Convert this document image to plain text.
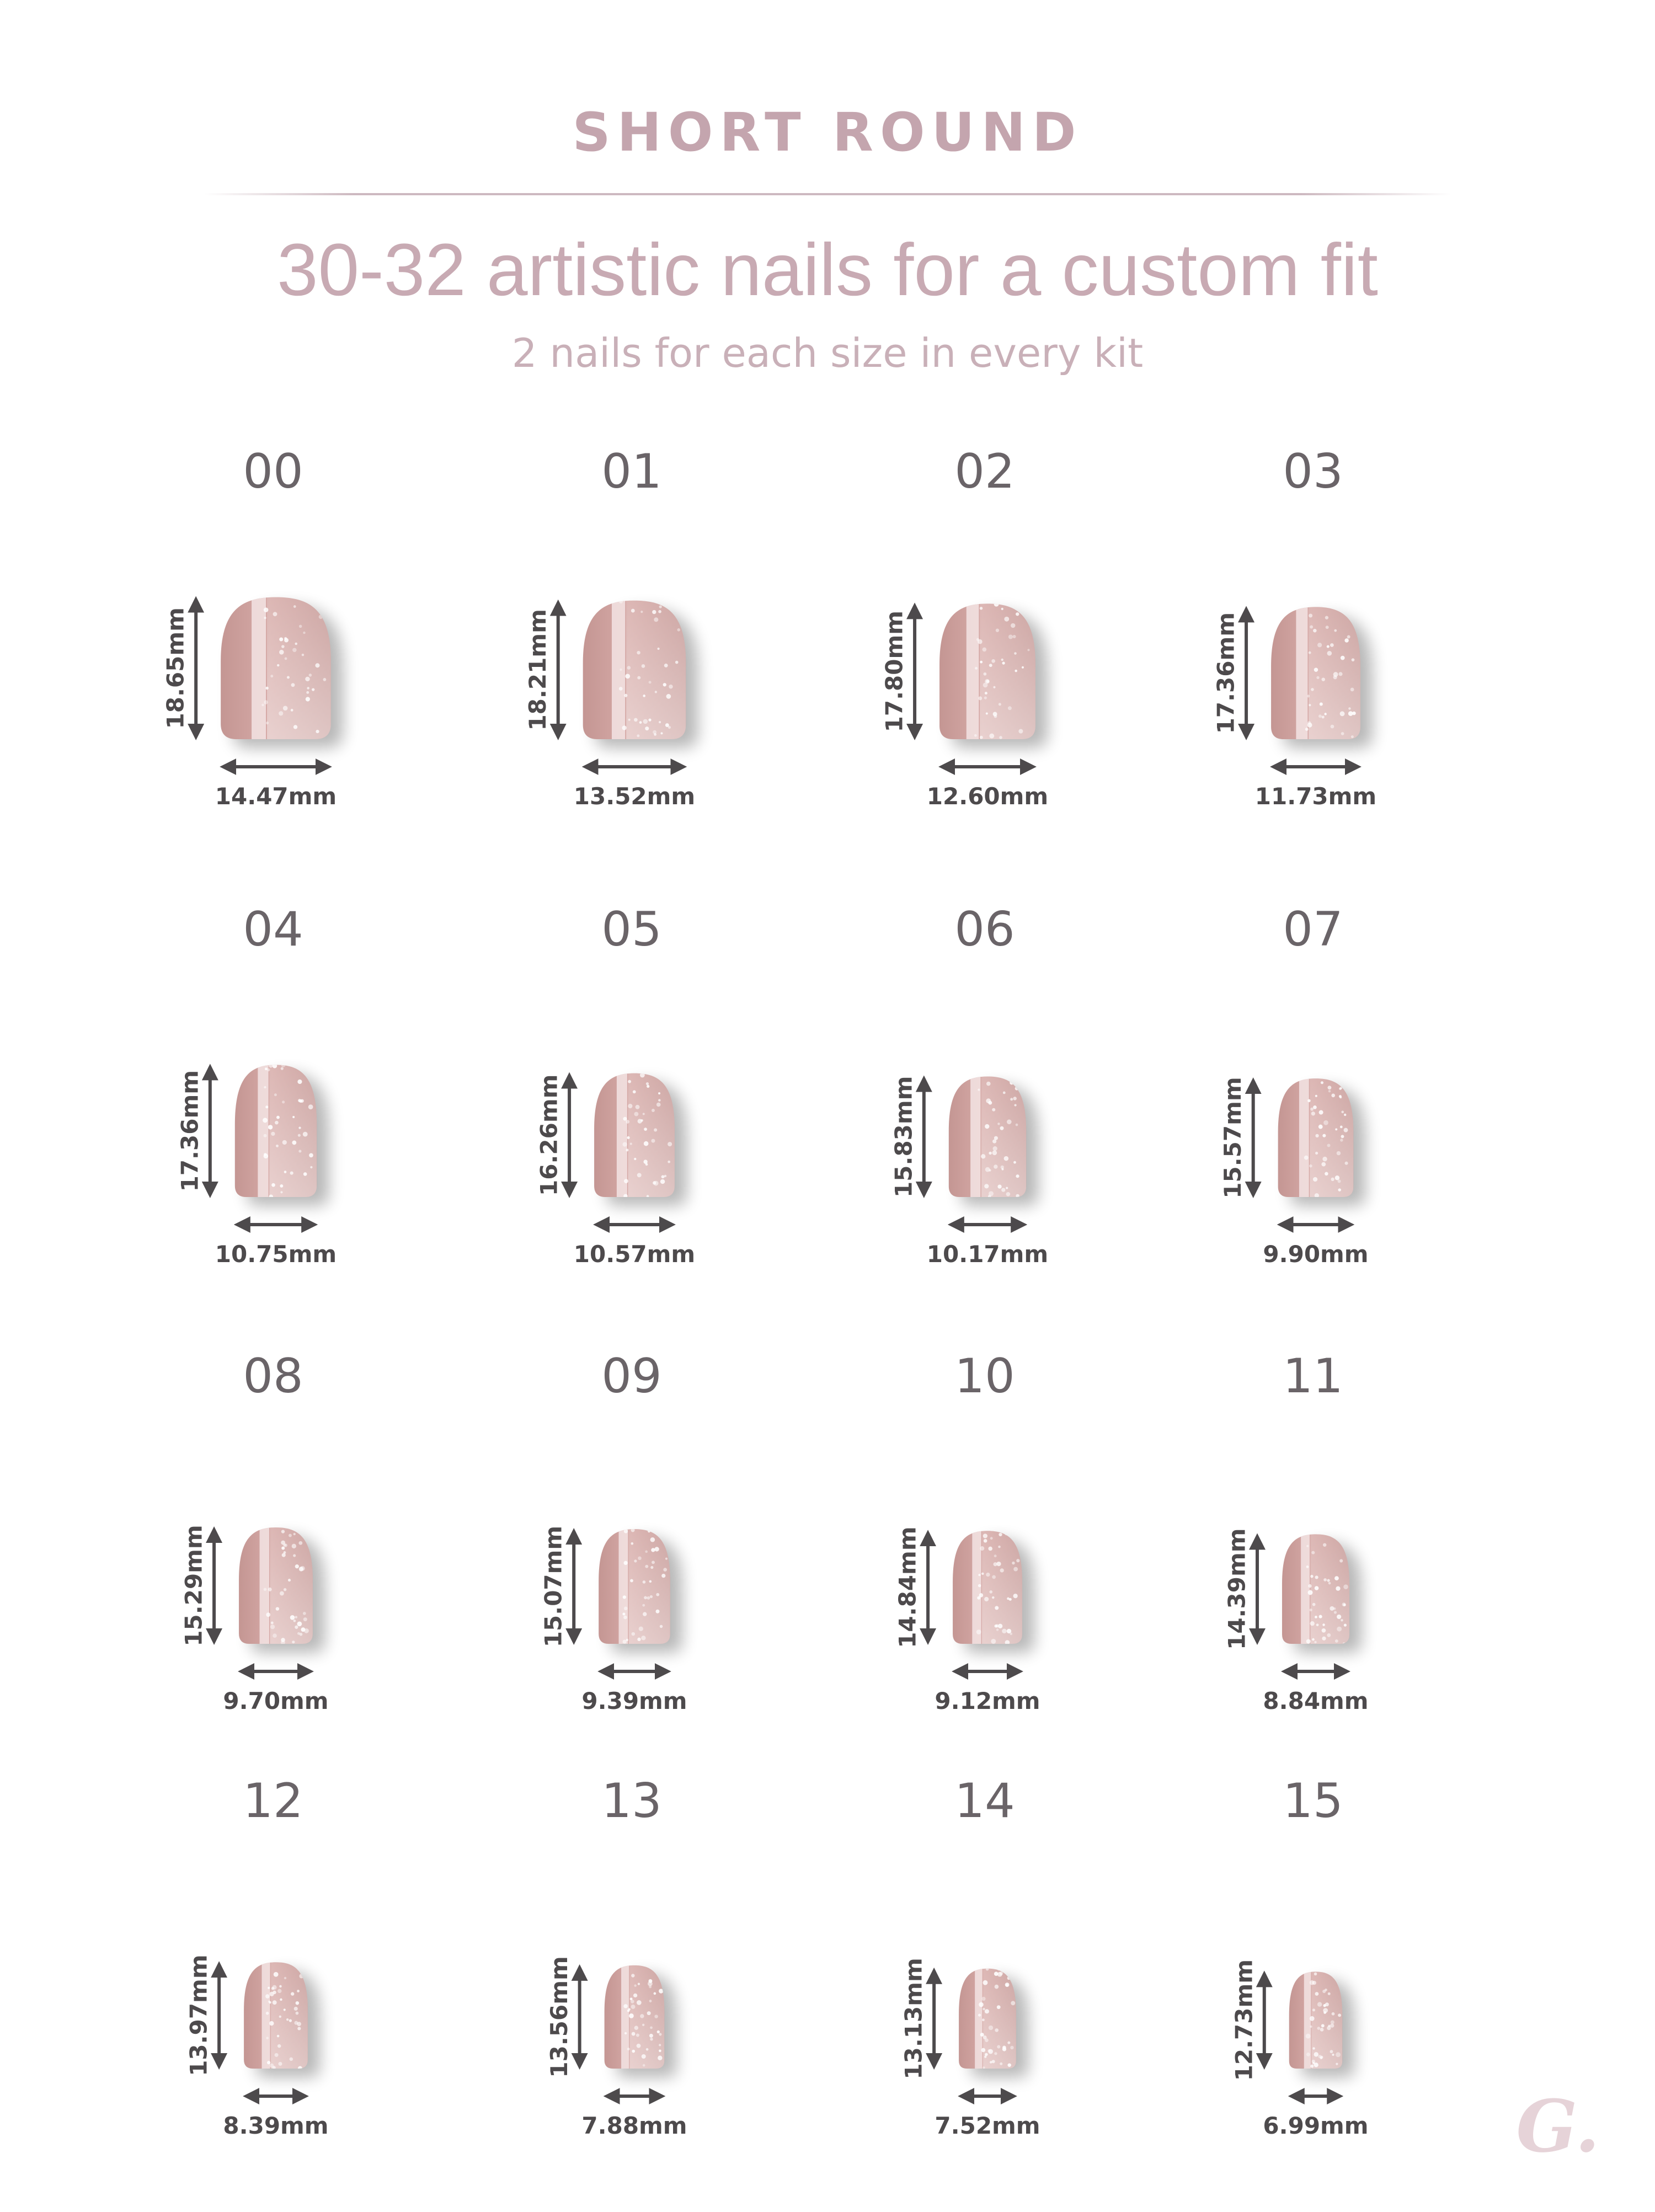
SHORT ROUND
30-32 artistic nails for a custom fit
2 nails for each size in every kit
00
18.65mm
14.47mm
01
18.21mm
13.52mm
02
17.80mm
12.60mm
03
17.36mm
11.73mm
04
17.36mm
10.75mm
05
16.26mm
10.57mm
06
15.83mm
10.17mm
07
15.57mm
9.90mm
08
15.29mm
9.70mm
09
15.07mm
9.39mm
10
14.84mm
9.12mm
11
14.39mm
8.84mm
12
13.97mm
8.39mm
13
13.56mm
7.88mm
14
13.13mm
7.52mm
15
12.73mm
6.99mm G.
